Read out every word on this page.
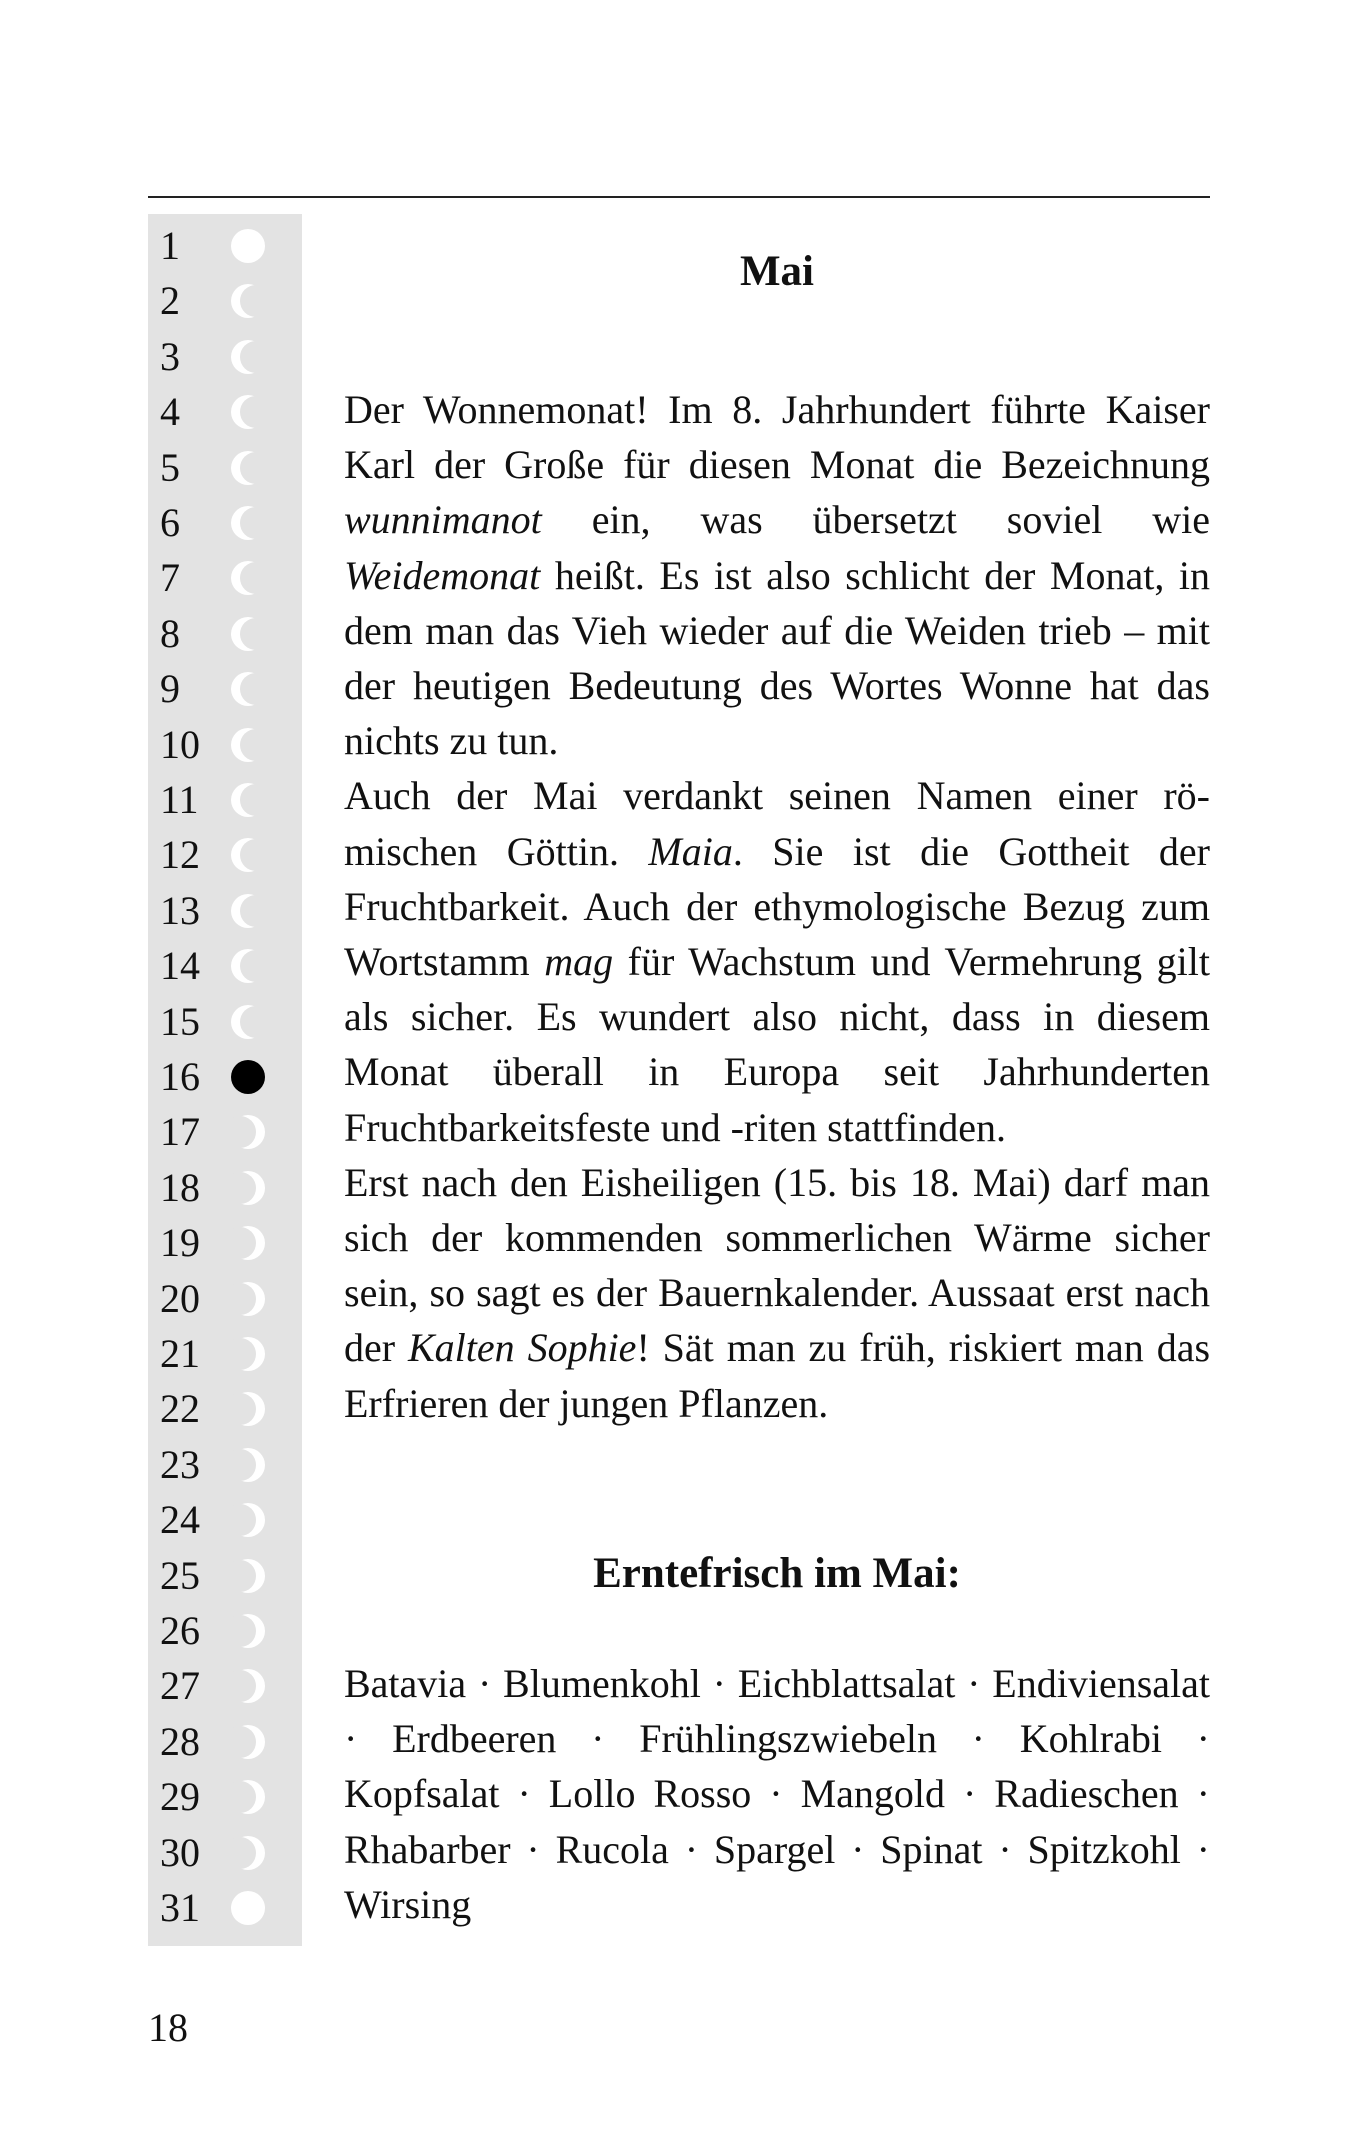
1
2
3
4
5
6
7
8
9
10
11
12
13
14
15
16
17
18
19
20
21
22
23
24
25
26
27
28
29
30
31
Mai

Der Wonnemonat! Im 8. Jahrhundert führte Kaiser Karl der Große für diesen Monat die Bezeichnung wunnimanot ein, was übersetzt soviel wie Weidemonat heißt. Es ist also schlicht der Monat, in dem man das Vieh wieder auf die Weiden trieb – mit der heutigen Bedeutung des Wortes Wonne hat das nichts zu tun.

Auch der Mai verdankt seinen Namen einer römischen Göttin. Maia. Sie ist die Gottheit der Fruchtbarkeit. Auch der ethymologische Bezug zum Wortstamm mag für Wachstum und Vermehrung gilt als sicher. Es wundert also nicht, dass in diesem Monat überall in Europa seit Jahrhunderten Fruchtbarkeitsfeste und -riten stattfinden.

Erst nach den Eisheiligen (15. bis 18. Mai) darf man sich der kommenden sommerlichen Wärme sicher sein, so sagt es der Bauernkalender. Aussaat erst nach der Kalten Sophie! Sät man zu früh, riskiert man das Erfrieren der jungen Pflanzen.

Erntefrisch im Mai:

Batavia · Blumenkohl · Eichblattsalat · Endiviensalat · Erdbeeren · Frühlingszwiebeln · Kohlrabi · Kopfsalat · Lollo Rosso · Mangold · Radieschen · Rhabarber · Rucola · Spargel · Spinat · Spitzkohl · Wirsing

18
